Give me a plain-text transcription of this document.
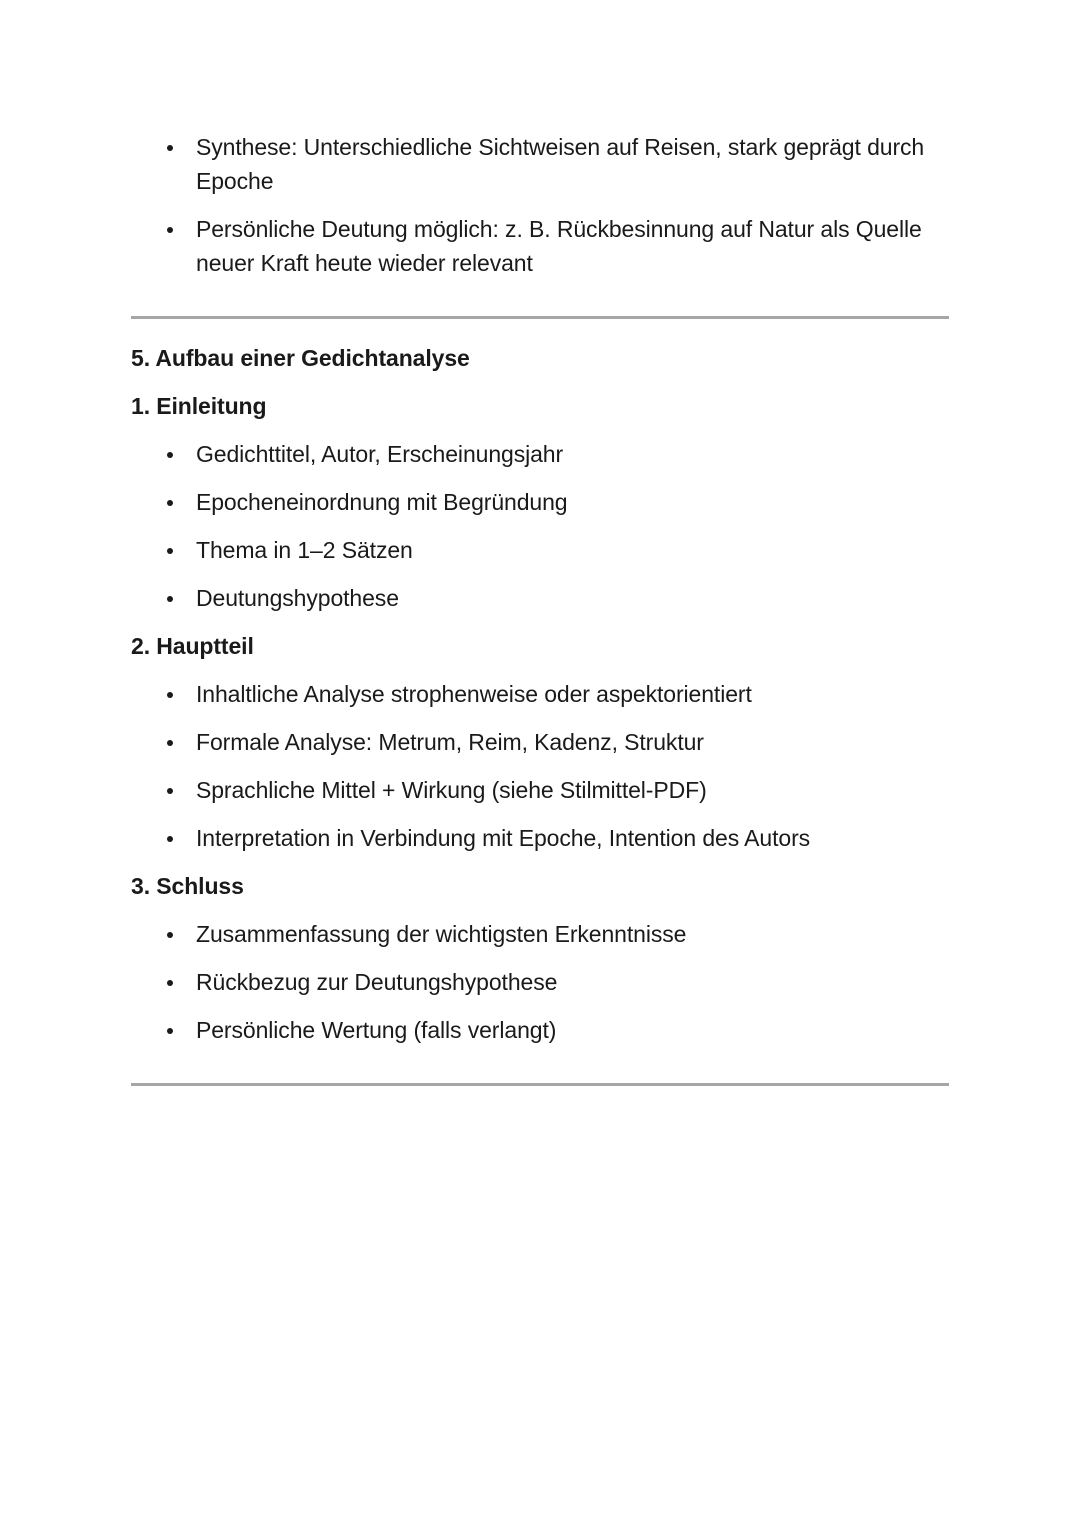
Synthese: Unterschiedliche Sichtweisen auf Reisen, stark geprägt durch Epoche
Persönliche Deutung möglich: z. B. Rückbesinnung auf Natur als Quelle neuer Kraft heute wieder relevant
5. Aufbau einer Gedichtanalyse
1. Einleitung
Gedichttitel, Autor, Erscheinungsjahr
Epocheneinordnung mit Begründung
Thema in 1–2 Sätzen
Deutungshypothese
2. Hauptteil
Inhaltliche Analyse strophenweise oder aspektorientiert
Formale Analyse: Metrum, Reim, Kadenz, Struktur
Sprachliche Mittel + Wirkung (siehe Stilmittel-PDF)
Interpretation in Verbindung mit Epoche, Intention des Autors
3. Schluss
Zusammenfassung der wichtigsten Erkenntnisse
Rückbezug zur Deutungshypothese
Persönliche Wertung (falls verlangt)
